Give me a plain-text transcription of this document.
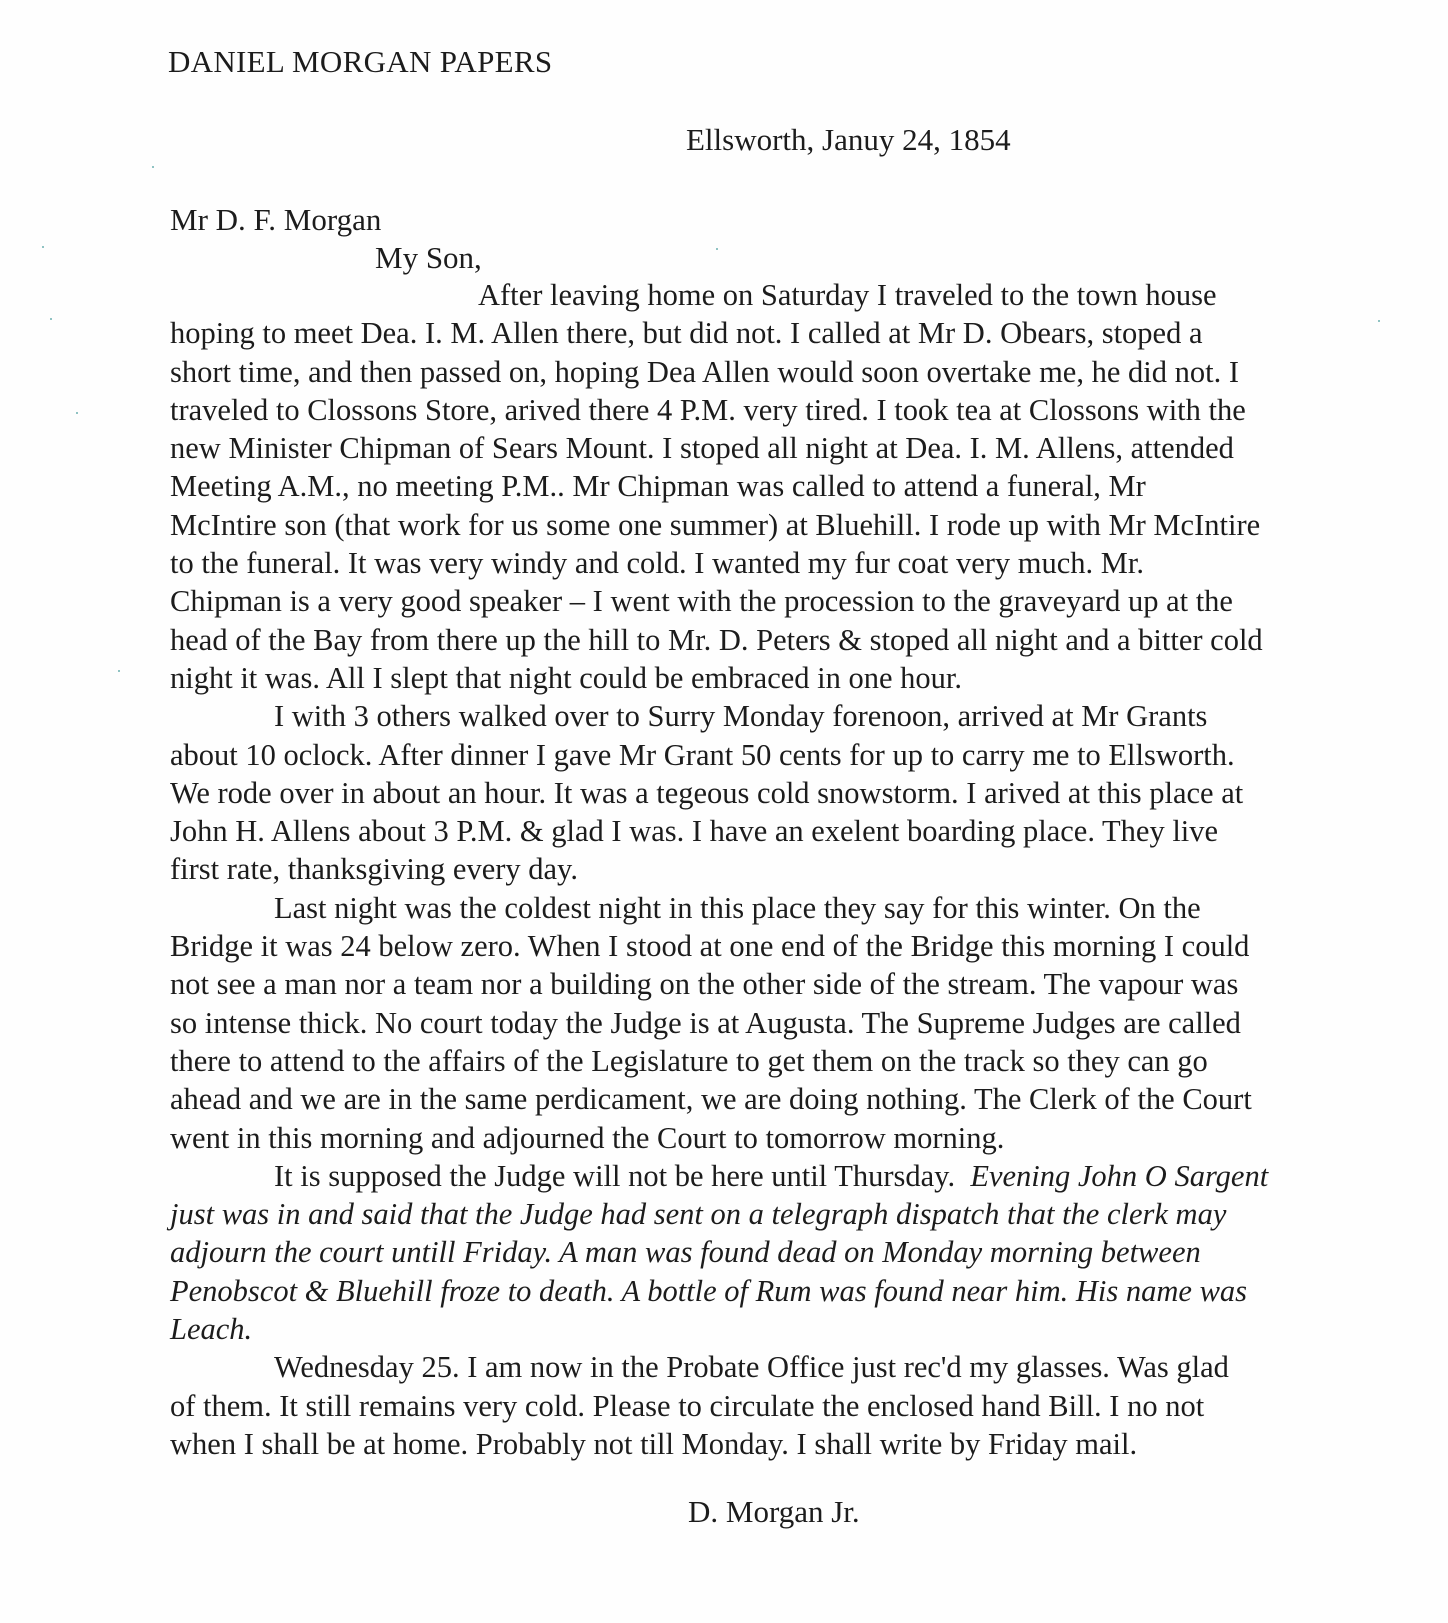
DANIEL MORGAN PAPERS
Ellsworth, Januy 24, 1854
Mr D. F. Morgan
My Son,
After leaving home on Saturday I traveled to the town house
hoping to meet Dea. I. M. Allen there, but did not. I called at Mr D. Obears, stoped a
short time, and then passed on, hoping Dea Allen would soon overtake me, he did not. I
traveled to Clossons Store, arived there 4 P.M. very tired. I took tea at Clossons with the
new Minister Chipman of Sears Mount. I stoped all night at Dea. I. M. Allens, attended
Meeting A.M., no meeting P.M.. Mr Chipman was called to attend a funeral, Mr
McIntire son (that work for us some one summer) at Bluehill. I rode up with Mr McIntire
to the funeral. It was very windy and cold. I wanted my fur coat very much. Mr.
Chipman is a very good speaker – I went with the procession to the graveyard up at the
head of the Bay from there up the hill to Mr. D. Peters & stoped all night and a bitter cold
night it was. All I slept that night could be embraced in one hour.
I with 3 others walked over to Surry Monday forenoon, arrived at Mr Grants
about 10 oclock. After dinner I gave Mr Grant 50 cents for up to carry me to Ellsworth.
We rode over in about an hour. It was a tegeous cold snowstorm. I arived at this place at
John H. Allens about 3 P.M. & glad I was. I have an exelent boarding place. They live
first rate, thanksgiving every day.
Last night was the coldest night in this place they say for this winter. On the
Bridge it was 24 below zero. When I stood at one end of the Bridge this morning I could
not see a man nor a team nor a building on the other side of the stream. The vapour was
so intense thick. No court today the Judge is at Augusta. The Supreme Judges are called
there to attend to the affairs of the Legislature to get them on the track so they can go
ahead and we are in the same perdicament, we are doing nothing. The Clerk of the Court
went in this morning and adjourned the Court to tomorrow morning.
It is supposed the Judge will not be here until Thursday. Evening John O Sargent
just was in and said that the Judge had sent on a telegraph dispatch that the clerk may
adjourn the court untill Friday. A man was found dead on Monday morning between
Penobscot & Bluehill froze to death. A bottle of Rum was found near him. His name was
Leach.
Wednesday 25. I am now in the Probate Office just rec'd my glasses. Was glad
of them. It still remains very cold. Please to circulate the enclosed hand Bill. I no not
when I shall be at home. Probably not till Monday. I shall write by Friday mail.
D. Morgan Jr.
